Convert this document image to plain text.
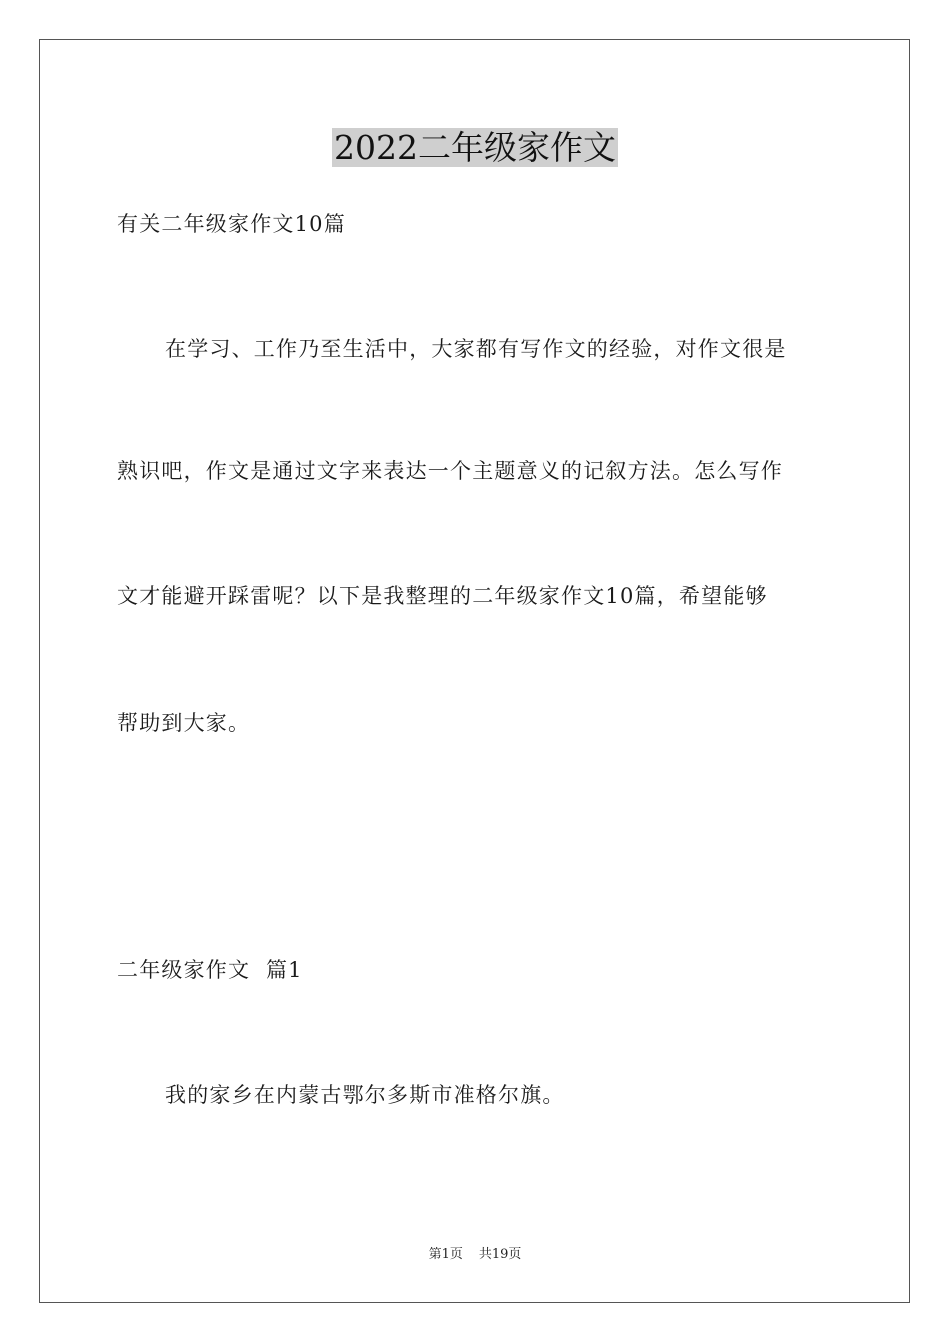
2022二年级家作文
有关二年级家作文10篇
在学习、工作乃至生活中，大家都有写作文的经验，对作文很是
熟识吧，作文是通过文字来表达一个主题意义的记叙方法。怎么写作
文才能避开踩雷呢？以下是我整理的二年级家作文10篇，希望能够
帮助到大家。
二年级家作文  篇1
我的家乡在内蒙古鄂尔多斯市准格尔旗。
第1页 共19页
